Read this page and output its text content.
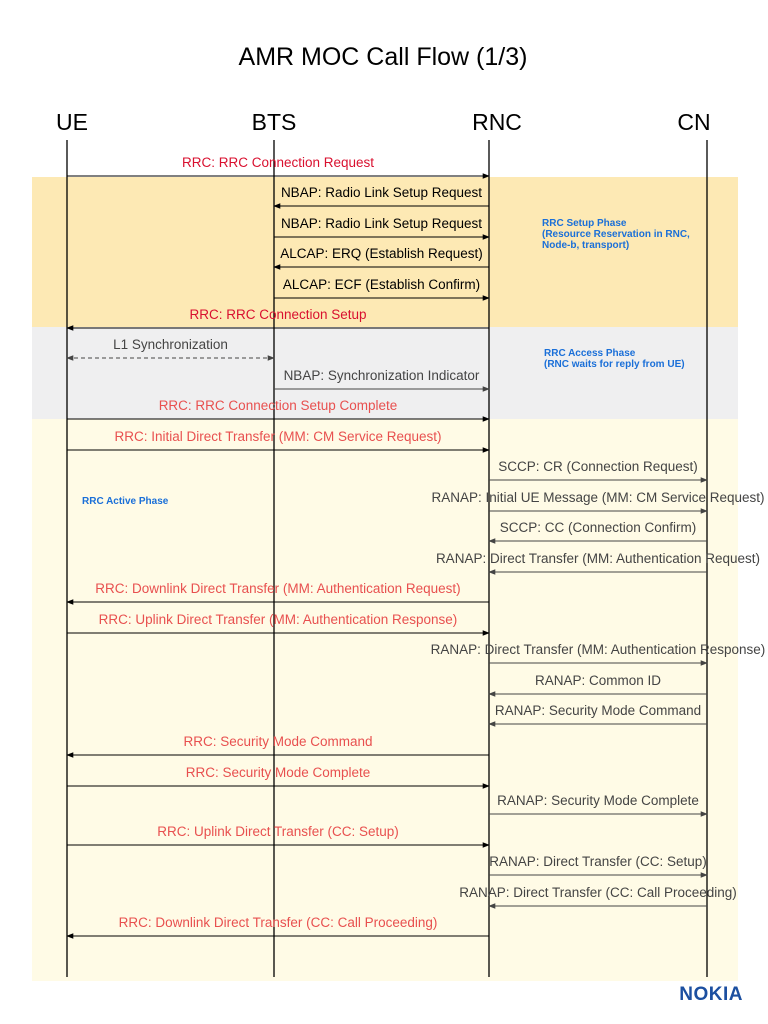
AMR MOC Call Flow (1/3)
UE	BTS	RNC	CN
RRC: RRC Connection Request
NBAP: Radio Link Setup Request
NBAP: Radio Link Setup Request
ALCAP: ERQ (Establish Request)
ALCAP: ECF (Establish Confirm)
RRC: RRC Connection Setup
L1 Synchronization
NBAP: Synchronization Indicator
RRC: RRC Connection Setup Complete
RRC: Initial Direct Transfer (MM: CM Service Request)
SCCP: CR (Connection Request)
RANAP: Initial UE Message (MM: CM Service Request)
SCCP: CC (Connection Confirm)
RANAP: Direct Transfer (MM: Authentication Request)
RRC: Downlink Direct Transfer (MM: Authentication Request)
RRC: Uplink Direct Transfer (MM: Authentication Response)
RANAP: Direct Transfer (MM: Authentication Response)
RANAP: Common ID
RANAP: Security Mode Command
RRC: Security Mode Command
RRC: Security Mode Complete
RANAP: Security Mode Complete
RRC: Uplink Direct Transfer (CC: Setup)
RANAP: Direct Transfer (CC: Setup)
RANAP: Direct Transfer (CC: Call Proceeding)
RRC: Downlink Direct Transfer (CC: Call Proceeding)
RRC Setup Phase (Resource Reservation in RNC, Node-b, transport)
RRC Access Phase (RNC waits for reply from UE)
RRC Active Phase
NOKIA
